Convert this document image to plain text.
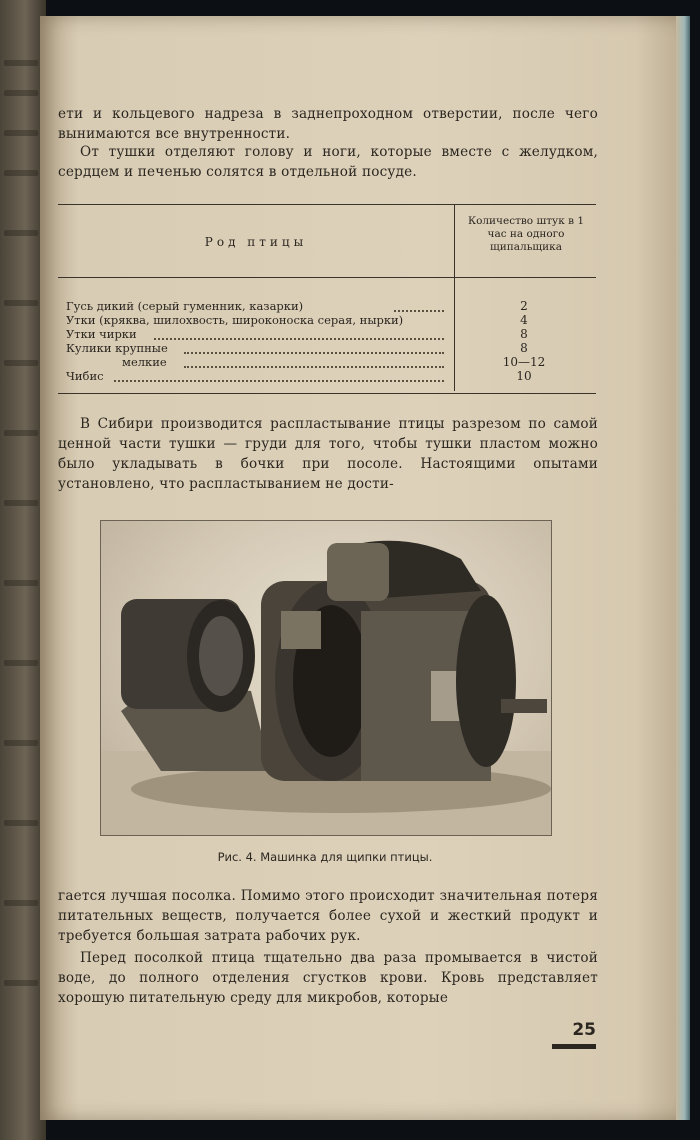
ети и кольцевого надреза в заднепроходном отверстии, после чего вынимаются все внутренности.
От тушки отделяют голову и ноги, которые вместе с желудком, сердцем и печенью солятся в отдельной посуде.
Род птицы
Количество штук в 1 час на одного щипальщика
Гусь дикий (серый гуменник, казарки)	2
Утки (кряква, шилохвость, широконоска серая, нырки)	4
Утки чирки	8
Кулики крупные	8
мелкие	10—12
Чибис	10
В Сибири производится распластывание птицы разрезом по самой ценной части тушки — груди для того, чтобы тушки пластом можно было укладывать в бочки при посоле. Настоящими опытами установлено, что распластыванием не дости-
Рис. 4. Машинка для щипки птицы.
гается лучшая посолка. Помимо этого происходит значительная потеря питательных веществ, получается более сухой и жесткий продукт и требуется большая затрата рабочих рук.
Перед посолкой птица тщательно два раза промывается в чистой воде, до полного отделения сгустков крови. Кровь представляет хорошую питательную среду для микробов, которые
25
